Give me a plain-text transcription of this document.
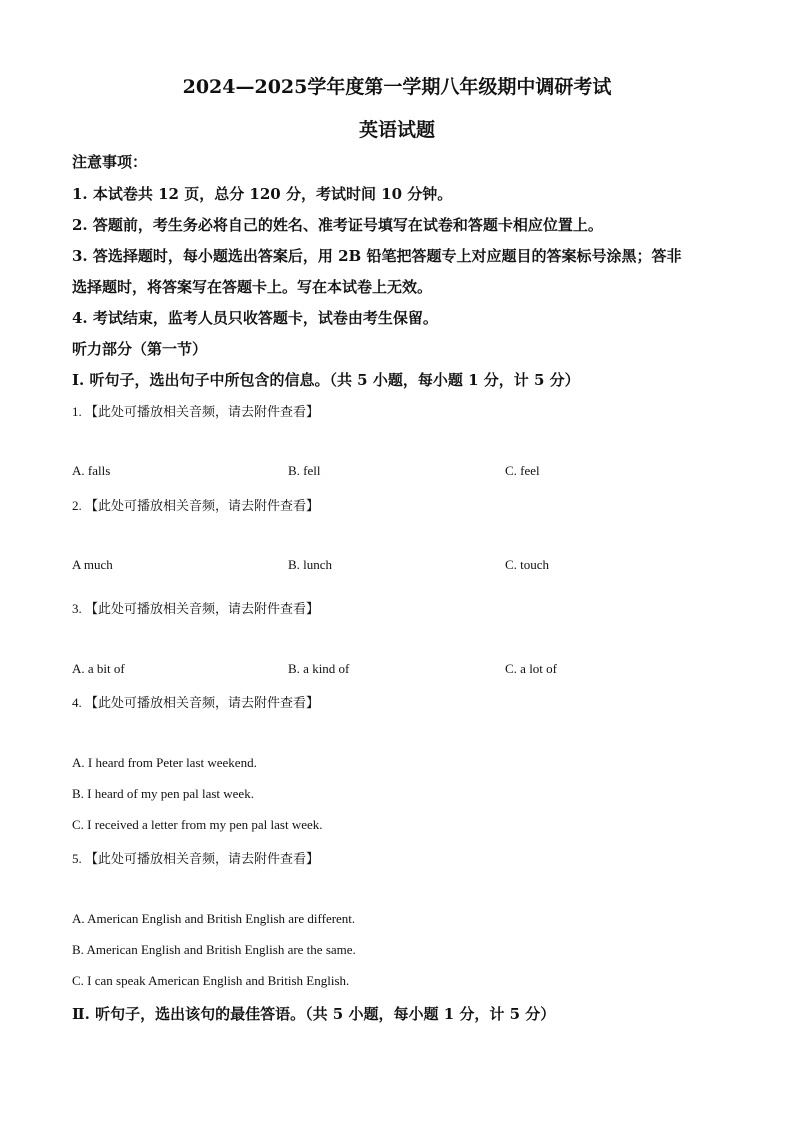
2024—2025学年度第一学期八年级期中调研考试
英语试题
注意事项：
1. 本试卷共 12 页，总分 120 分，考试时间 10 分钟。
2. 答题前，考生务必将自己的姓名、准考证号填写在试卷和答题卡相应位置上。
3. 答选择题时，每小题选出答案后，用 2B 铅笔把答题专上对应题目的答案标号涂黑；答非
选择题时，将答案写在答题卡上。写在本试卷上无效。
4. 考试结束，监考人员只收答题卡，试卷由考生保留。
听力部分（第一节）
Ⅰ. 听句子，选出句子中所包含的信息。（共 5 小题，每小题 1 分，计 5 分）
1. 【此处可播放相关音频，请去附件查看】
A. falls	B. fell	C. feel
2. 【此处可播放相关音频，请去附件查看】
A much	B. lunch	C. touch
3. 【此处可播放相关音频，请去附件查看】
A. a bit of	B. a kind of	C. a lot of
4. 【此处可播放相关音频，请去附件查看】
A. I heard from Peter last weekend.
B. I heard of my pen pal last week.
C. I received a letter from my pen pal last week.
5. 【此处可播放相关音频，请去附件查看】
A. American English and British English are different.
B. American English and British English are the same.
C. I can speak American English and British English.
Ⅱ. 听句子，选出该句的最佳答语。（共 5 小题，每小题 1 分，计 5 分）
